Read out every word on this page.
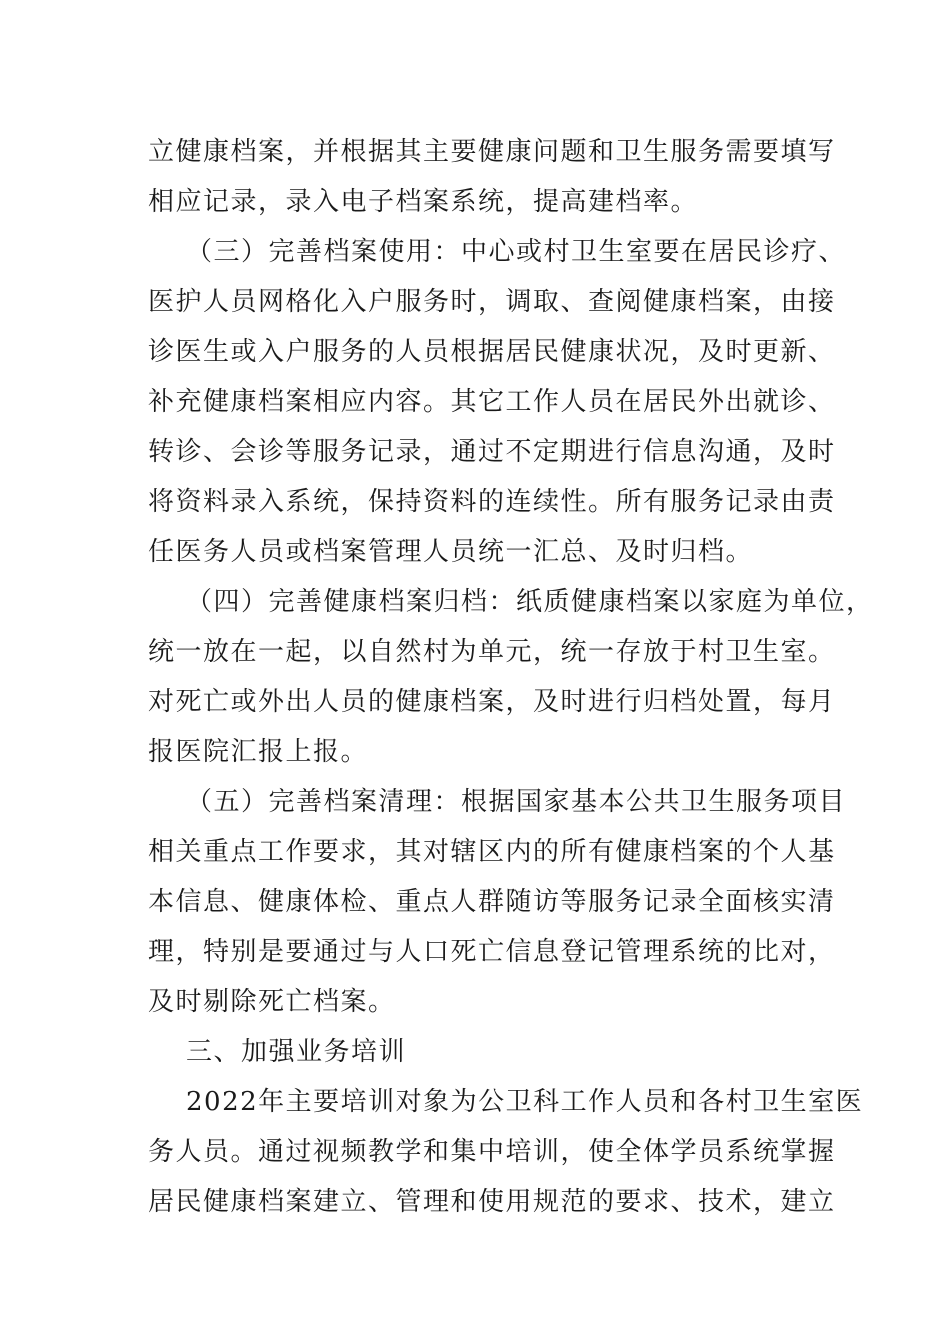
立健康档案，并根据其主要健康问题和卫生服务需要填写
相应记录，录入电子档案系统，提高建档率。
（三）完善档案使用：中心或村卫生室要在居民诊疗、
医护人员网格化入户服务时，调取、查阅健康档案，由接
诊医生或入户服务的人员根据居民健康状况，及时更新、
补充健康档案相应内容。其它工作人员在居民外出就诊、
转诊、会诊等服务记录，通过不定期进行信息沟通，及时
将资料录入系统，保持资料的连续性。所有服务记录由责
任医务人员或档案管理人员统一汇总、及时归档。
（四）完善健康档案归档：纸质健康档案以家庭为单位，
统一放在一起，以自然村为单元，统一存放于村卫生室。
对死亡或外出人员的健康档案，及时进行归档处置，每月
报医院汇报上报。
（五）完善档案清理：根据国家基本公共卫生服务项目
相关重点工作要求，其对辖区内的所有健康档案的个人基
本信息、健康体检、重点人群随访等服务记录全面核实清
理，特别是要通过与人口死亡信息登记管理系统的比对，
及时剔除死亡档案。
三、加强业务培训
2022年主要培训对象为公卫科工作人员和各村卫生室医
务人员。通过视频教学和集中培训，使全体学员系统掌握
居民健康档案建立、管理和使用规范的要求、技术，建立
